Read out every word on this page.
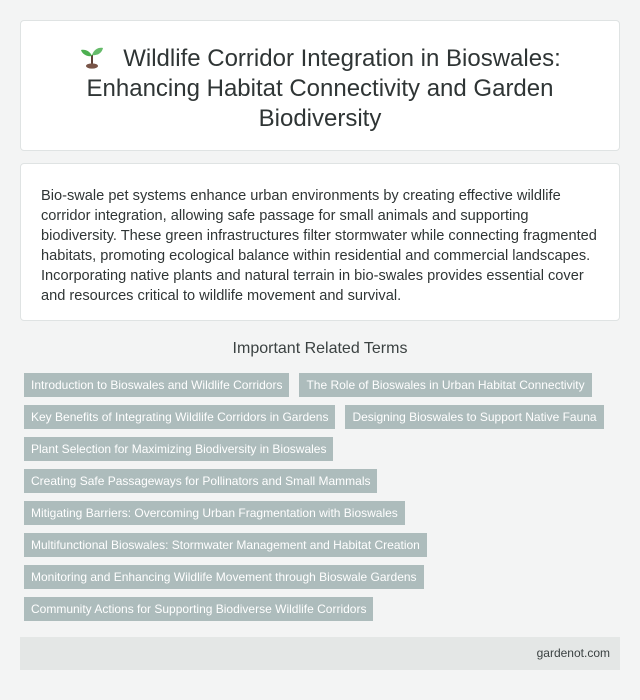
Wildlife Corridor Integration in Bioswales: Enhancing Habitat Connectivity and Garden Biodiversity

Bio-swale pet systems enhance urban environments by creating effective wildlife corridor integration, allowing safe passage for small animals and supporting biodiversity. These green infrastructures filter stormwater while connecting fragmented habitats, promoting ecological balance within residential and commercial landscapes. Incorporating native plants and natural terrain in bio-swales provides essential cover and resources critical to wildlife movement and survival.

Important Related Terms
Introduction to Bioswales and Wildlife Corridors	The Role of Bioswales in Urban Habitat Connectivity
Key Benefits of Integrating Wildlife Corridors in Gardens	Designing Bioswales to Support Native Fauna
Plant Selection for Maximizing Biodiversity in Bioswales
Creating Safe Passageways for Pollinators and Small Mammals
Mitigating Barriers: Overcoming Urban Fragmentation with Bioswales
Multifunctional Bioswales: Stormwater Management and Habitat Creation
Monitoring and Enhancing Wildlife Movement through Bioswale Gardens
Community Actions for Supporting Biodiverse Wildlife Corridors
gardenot.com
